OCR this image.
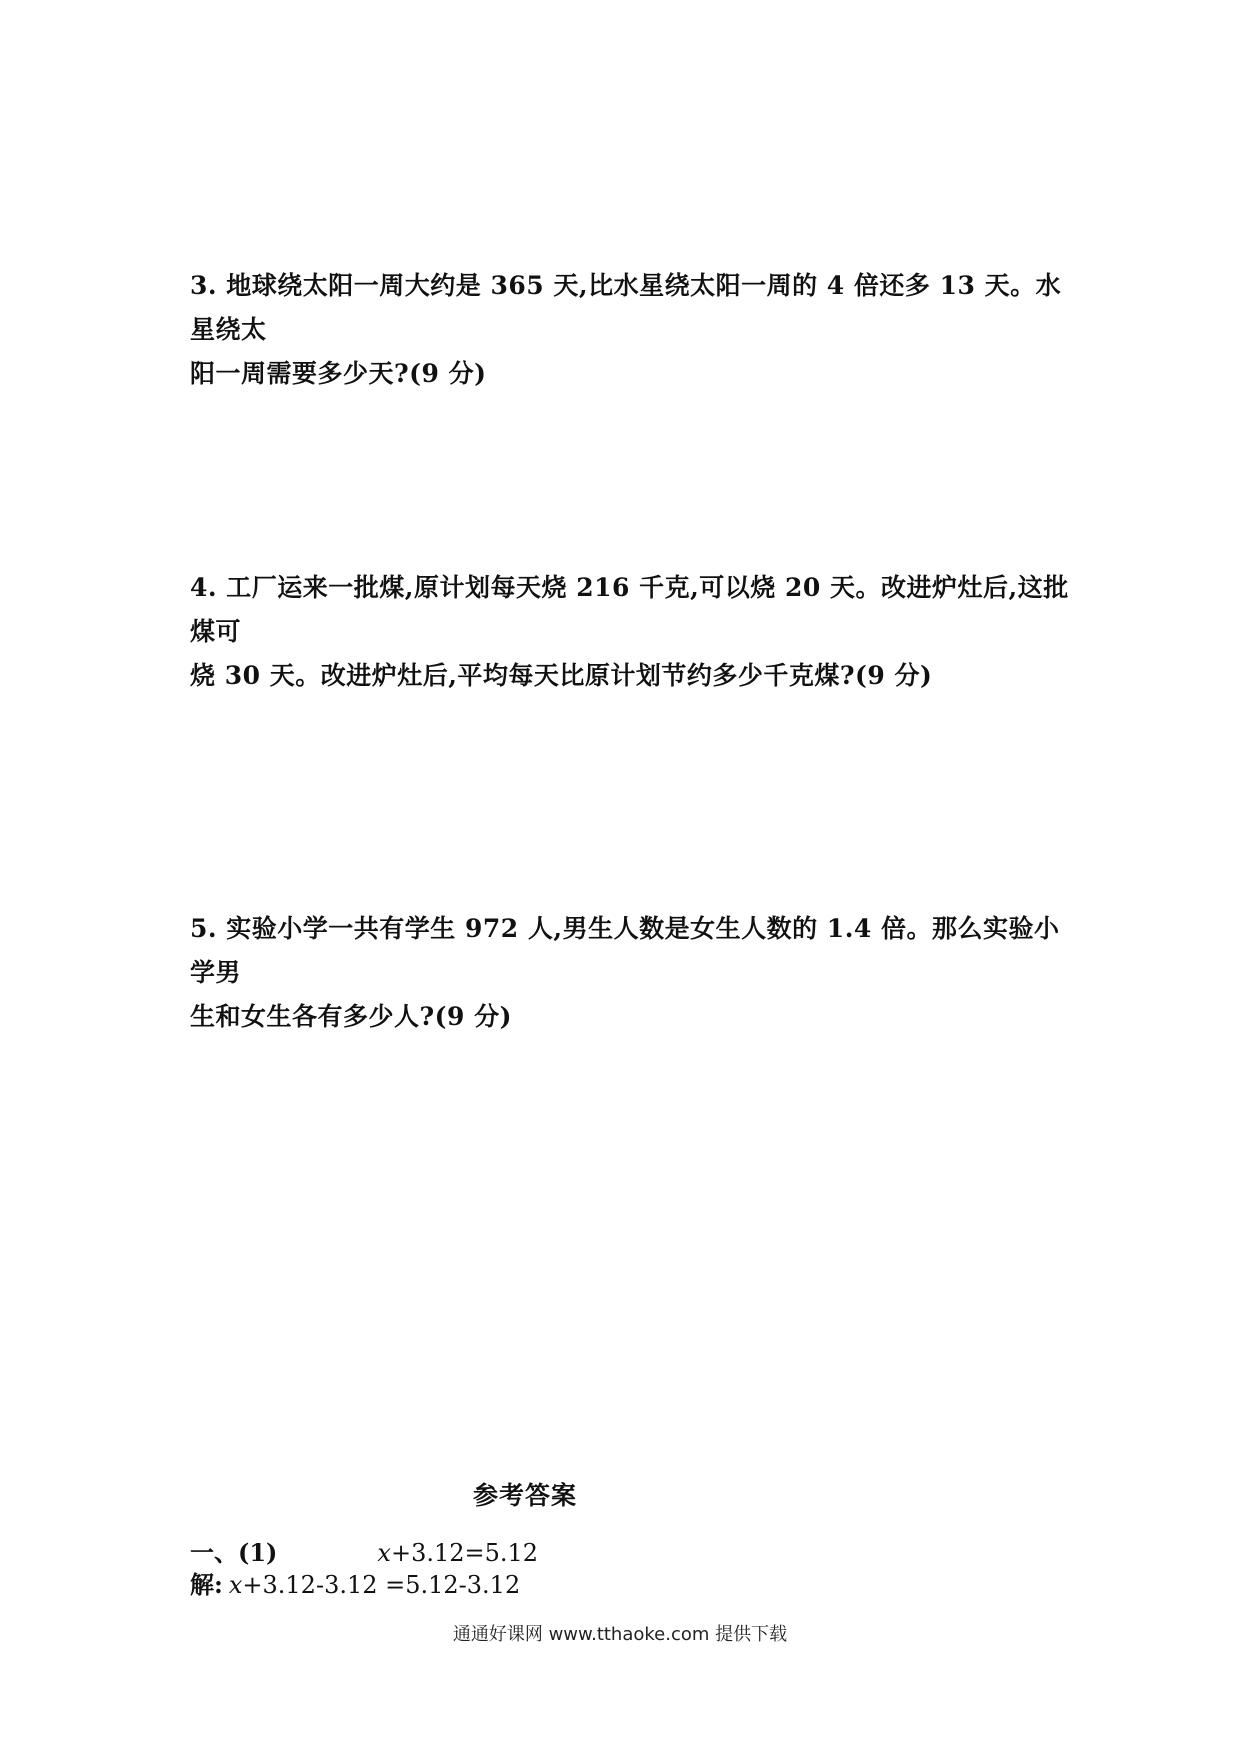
3. 地球绕太阳一周大约是 365 天,比水星绕太阳一周的 4 倍还多 13 天。水星绕太
阳一周需要多少天?(9 分)
4. 工厂运来一批煤,原计划每天烧 216 千克,可以烧 20 天。改进炉灶后,这批煤可
烧 30 天。改进炉灶后,平均每天比原计划节约多少千克煤?(9 分)
5. 实验小学一共有学生 972 人,男生人数是女生人数的 1.4 倍。那么实验小学男
生和女生各有多少人?(9 分)
参考答案
一、(1)	x+3.12=5.12
解: x+3.12-3.12 =5.12-3.12
通通好课网 www.tthaoke.com 提供下载
